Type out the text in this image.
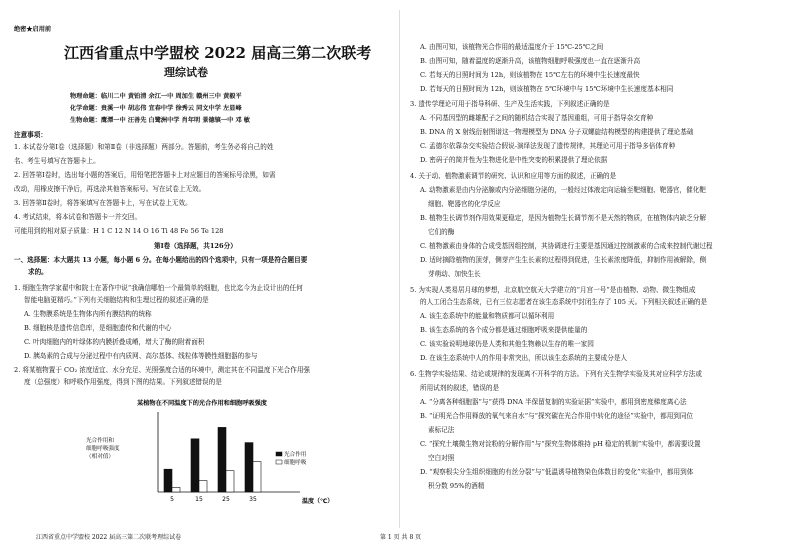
绝密★启用前
江西省重点中学盟校 2022 届高三第二次联考
理综试卷
物理命题：临川二中 黄铂清 余江一中 周加生 赣州三中 黄毅平
化学命题：贵溪一中 胡志伟 宜春中学 徐秀云 同文中学 左显峰
生物命题：鹰潭一中 汪善先 白鹭洲中学 肖年明 景德镇一中 邓 敏
注意事项：
1. 本试卷分第Ⅰ卷（选择题）和第Ⅱ卷（非选择题）两部分。答题前，考生务必将自己的姓
名、考生号填写在答题卡上。
2. 回答第Ⅰ卷时，选出每小题的答案后，用铅笔把答题卡上对应题目的答案标号涂黑，如需
改动，用橡皮擦干净后，再选涂其他答案标号。写在试卷上无效。
3. 回答第Ⅱ卷时，将答案填写在答题卡上，写在试卷上无效。
4. 考试结束，将本试卷和答题卡一并交回。
可能用到的相对原子质量：H 1 C 12 N 14 O 16 Ti 48 Fe 56 Te 128
第Ⅰ卷（选择题，共126分）
一、选择题：本大题共 13 小题，每小题 6 分。在每小题给出的四个选项中，只有一项是符合题目要
求的。
1. 细胞生物学家翟中和院士在著作中说“我确信哪怕一个最简单的细胞，也比迄今为止设计出的任何
智能电脑更精巧。”下列有关细胞结构和生理过程的叙述正确的是
A. 生物膜系统是生物体内所有膜结构的统称
B. 细胞核是遗传信息库，是细胞遗传和代谢的中心
C. 叶肉细胞内的叶绿体的内膜折叠成嵴，增大了酶的附着面积
D. 胰岛素的合成与分泌过程中有内质网、高尔基体、线粒体等膜性细胞器的参与
2. 将某植物置于 CO₂ 浓度适宜、水分充足、光照强度合适的环境中，测定其在不同温度下光合作用强
度（总强度）和呼吸作用强度，得到下图的结果。下列叙述错误的是
某植物在不同温度下的光合作用和细胞呼吸强度
光合作用和
细胞呼吸强度
（相对值）
5	15	25	35	温度（℃）
光合作用
细胞呼吸
江西省重点中学盟校 2022 届高三第二次联考理综试卷
A. 由图可知，该植物光合作用的最适温度介于 15℃-25℃之间
B. 由图可知，随着温度的逐渐升高，该植物细胞呼吸强度也一直在逐渐升高
C. 若每天的日照时间为 12h，则该植物在 15℃左右的环境中生长速度最快
D. 若每天的日照时间为 12h，则该植物在 5℃环境中与 15℃环境中生长速度基本相同
3. 遗传学理论可用于指导科研、生产及生活实践，下列叙述正确的是
A. 不同基因型的雌雄配子之间的随机结合实现了基因重组，可用于指导杂交育种
B. DNA 的 X 射线衍射图谱这一物理模型为 DNA 分子双螺旋结构模型的构建提供了理论基础
C. 孟德尔依靠杂交实验结合假说-演绎法发现了遗传规律，其理论可用于指导多倍体育种
D. 密码子的简并性为生物进化是中性突变的积累提供了理论依据
4. 关于动、植物激素调节的研究、认识和应用等方面的叙述，正确的是
A. 动物激素是由内分泌腺或内分泌细胞分泌的，一般经过体液定向运输至靶细胞、靶器官，催化靶
细胞、靶器官的化学反应
B. 植物生长调节剂作用效果更稳定，是因为植物生长调节剂不是天然的物质，在植物体内缺乏分解
它们的酶
C. 植物激素由身体的合成受基因组控制，其协调进行主要是基因通过控制激素的合成来控制代谢过程
D. 适时摘除植物的顶芽，侧芽产生生长素的过程得到促进，生长素浓度降低，抑制作用被解除，侧
芽萌动、加快生长
5. 为实现人类易居月球的梦想，北京航空航天大学建立的“月宫一号”是由植物、动物、微生物组成
的人工闭合生态系统，已有三位志愿者在该生态系统中封闭生存了 105 天。下列相关叙述正确的是
A. 该生态系统中的能量和物质都可以循环利用
B. 该生态系统的各个成分都是通过细胞呼吸来提供能量的
C. 该实验说明地球仍是人类和其他生物赖以生存的唯一家园
D. 在该生态系统中人的作用非常突出，所以该生态系统的主要成分是人
6. 生物学实验结果、结论或规律的发现离不开科学的方法。下列有关生物学实验及其对应科学方法或
所用试剂的叙述，错误的是
A. “分离各种细胞器”与“获得 DNA 半保留复制的实验证据”实验中，都用到密度梯度离心法
B. “证明光合作用释放的氧气来自水”与“探究碳在光合作用中转化的途径”实验中，都用到同位
素标记法
C. “探究土壤微生物对淀粉的分解作用”与“探究生物体维持 pH 稳定的机制”实验中，都需要设置
空白对照
D. “观察根尖分生组织细胞的有丝分裂”与“低温诱导植物染色体数目的变化”实验中，都用到体
积分数 95%的酒精
第 1 页 共 8 页
